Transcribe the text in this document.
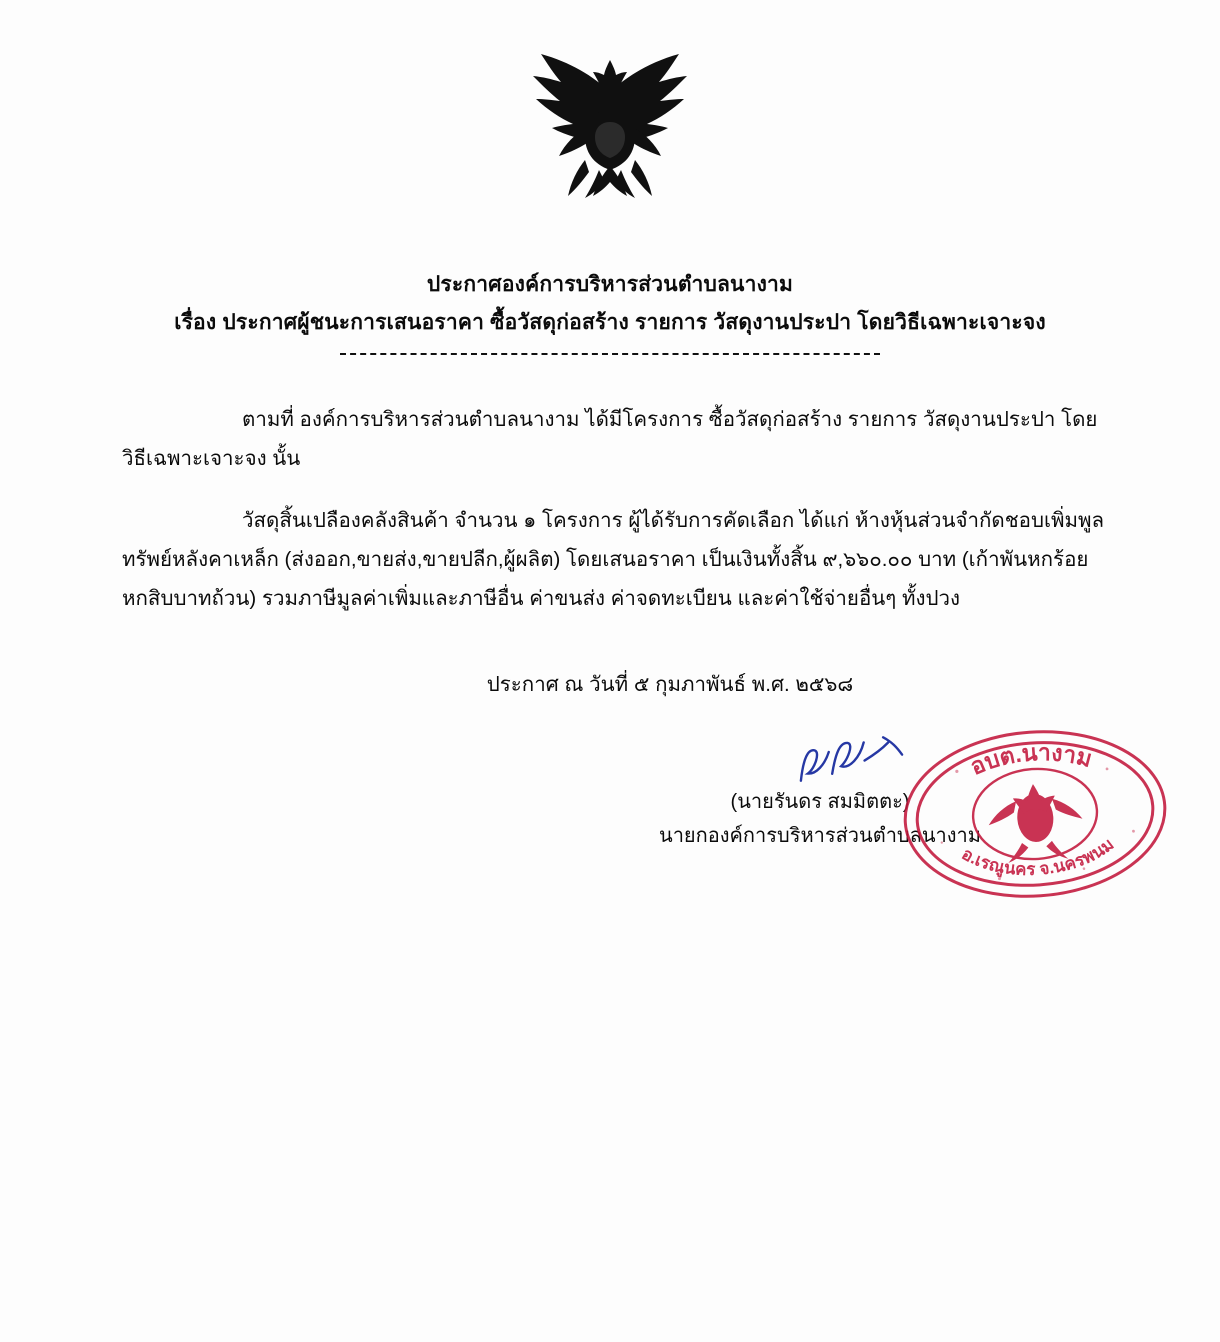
ประกาศองค์การบริหารส่วนตำบลนางาม
เรื่อง ประกาศผู้ชนะการเสนอราคา ซื้อวัสดุก่อสร้าง รายการ วัสดุงานประปา โดยวิธีเฉพาะเจาะจง

ตามที่ องค์การบริหารส่วนตำบลนางาม ได้มีโครงการ ซื้อวัสดุก่อสร้าง รายการ วัสดุงานประปา โดยวิธีเฉพาะเจาะจง นั้น

วัสดุสิ้นเปลืองคลังสินค้า จำนวน ๑ โครงการ ผู้ได้รับการคัดเลือก ได้แก่ ห้างหุ้นส่วนจำกัดชอบเพิ่มพูลทรัพย์หลังคาเหล็ก (ส่งออก,ขายส่ง,ขายปลีก,ผู้ผลิต) โดยเสนอราคา เป็นเงินทั้งสิ้น ๙,๖๖๐.๐๐ บาท (เก้าพันหกร้อยหกสิบบาทถ้วน) รวมภาษีมูลค่าเพิ่มและภาษีอื่น ค่าขนส่ง ค่าจดทะเบียน และค่าใช้จ่ายอื่นๆ ทั้งปวง

ประกาศ ณ วันที่ ๕ กุมภาพันธ์ พ.ศ. ๒๕๖๘
(นายรันดร สมมิตตะ)
นายกองค์การบริหารส่วนตำบลนางาม
อบต.นางาม
อ.เรณูนคร จ.นครพนม
